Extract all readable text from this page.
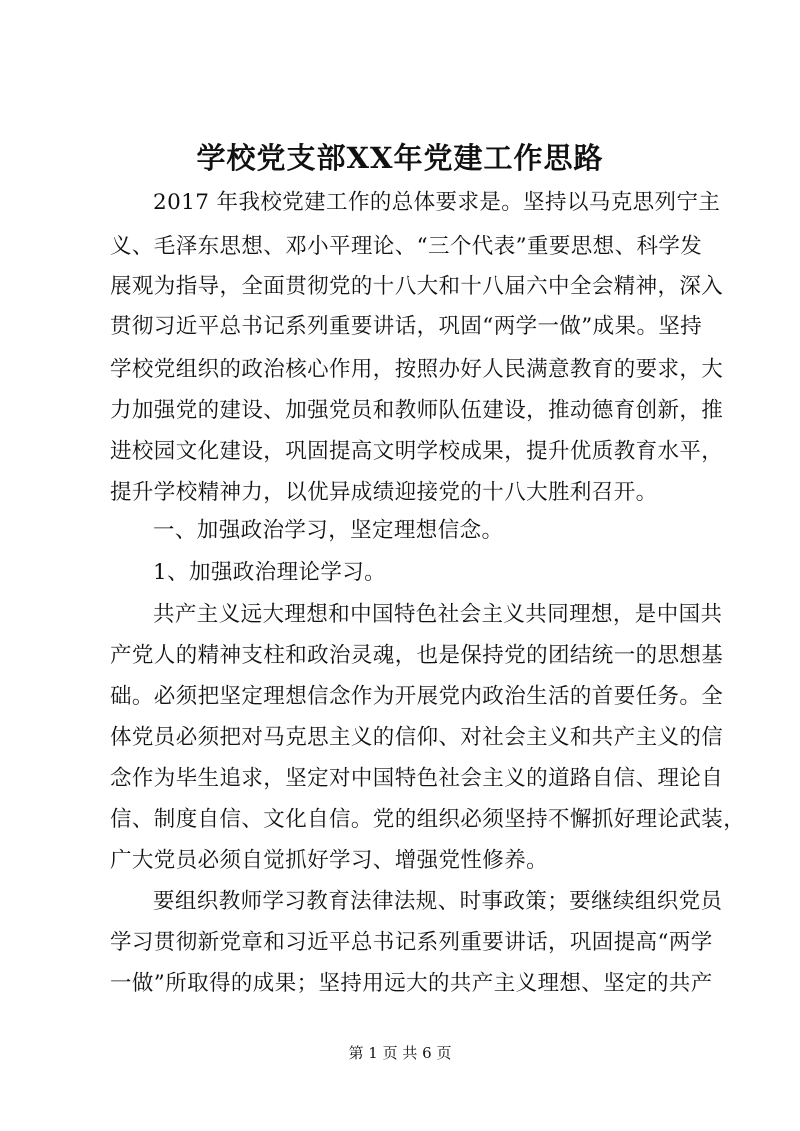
学校党支部XX年党建工作思路
2017 年我校党建工作的总体要求是。坚持以马克思列宁主
义、毛泽东思想、邓小平理论、“三个代表”重要思想、科学发
展观为指导，全面贯彻党的十八大和十八届六中全会精神，深入
贯彻习近平总书记系列重要讲话，巩固“两学一做”成果。坚持
学校党组织的政治核心作用，按照办好人民满意教育的要求，大
力加强党的建设、加强党员和教师队伍建设，推动德育创新，推
进校园文化建设，巩固提高文明学校成果，提升优质教育水平，
提升学校精神力，以优异成绩迎接党的十八大胜利召开。
一、加强政治学习，坚定理想信念。
1、加强政治理论学习。
共产主义远大理想和中国特色社会主义共同理想，是中国共
产党人的精神支柱和政治灵魂，也是保持党的团结统一的思想基
础。必须把坚定理想信念作为开展党内政治生活的首要任务。全
体党员必须把对马克思主义的信仰、对社会主义和共产主义的信
念作为毕生追求，坚定对中国特色社会主义的道路自信、理论自
信、制度自信、文化自信。党的组织必须坚持不懈抓好理论武装，
广大党员必须自觉抓好学习、增强党性修养。
要组织教师学习教育法律法规、时事政策；要继续组织党员
学习贯彻新党章和习近平总书记系列重要讲话，巩固提高“两学
一做”所取得的成果；坚持用远大的共产主义理想、坚定的共产
第 1 页 共 6 页
